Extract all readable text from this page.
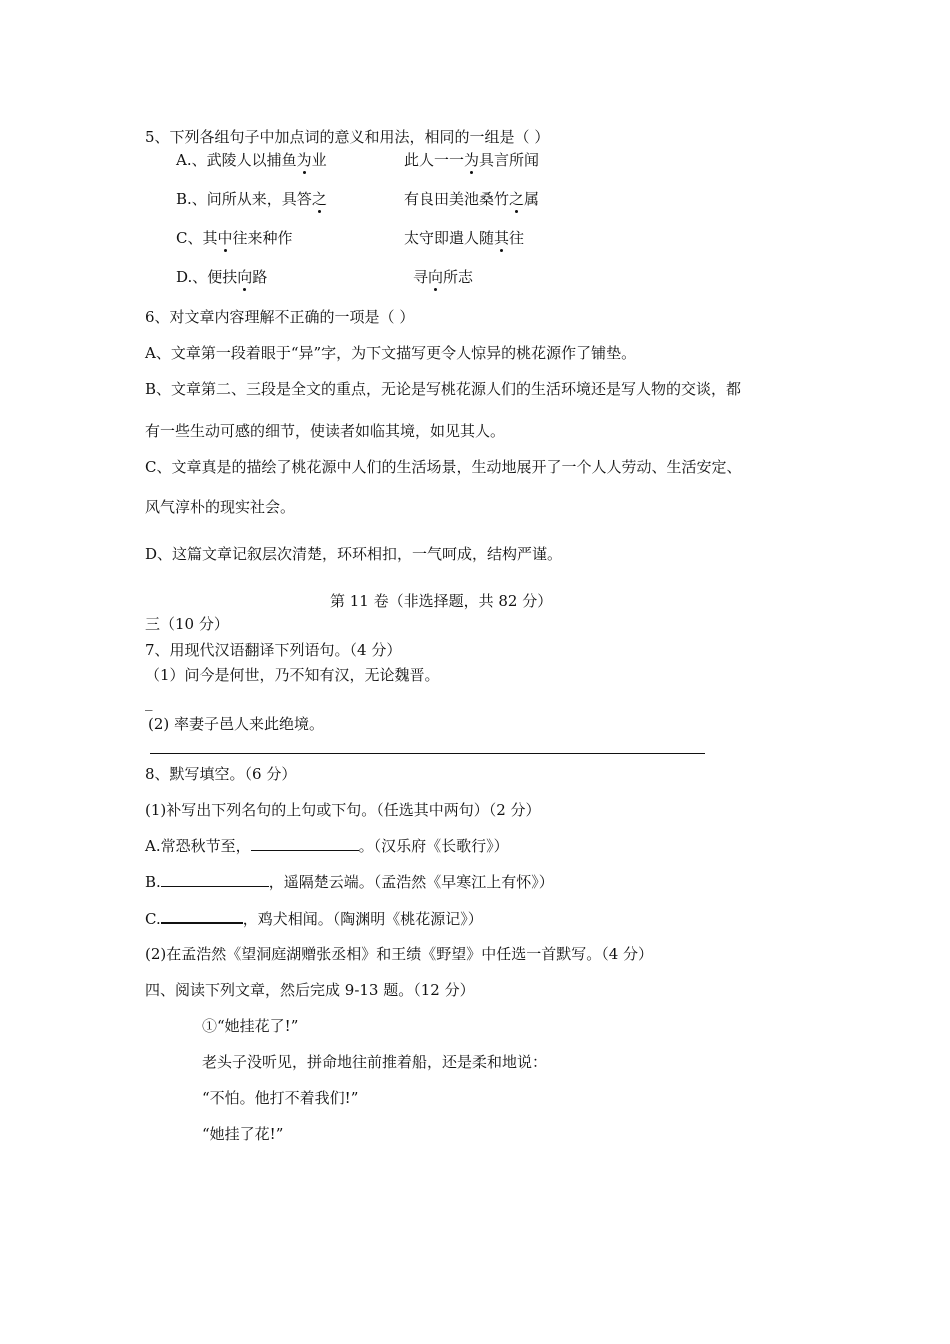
5、下列各组句子中加点词的意义和用法，相同的一组是（ ）
A.、武陵人以捕鱼为业	此人一一为具言所闻
B.、问所从来，具答之	有良田美池桑竹之属
C、其中往来种作	太守即遣人随其往
D.、便扶向路	寻向所志
6、对文章内容理解不正确的一项是（ ）
A、文章第一段着眼于“异”字，为下文描写更令人惊异的桃花源作了铺垫。
B、文章第二、三段是全文的重点，无论是写桃花源人们的生活环境还是写人物的交谈，都
有一些生动可感的细节，使读者如临其境，如见其人。
C、文章真是的描绘了桃花源中人们的生活场景，生动地展开了一个人人劳动、生活安定、
风气淳朴的现实社会。
D、这篇文章记叙层次清楚，环环相扣，一气呵成，结构严谨。
第 11 卷（非选择题，共 82 分）
三（10 分）
7、用现代汉语翻译下列语句。（4 分）
（1）问今是何世，乃不知有汉，无论魏晋。
_
(2) 率妻子邑人来此绝境。
8、默写填空。（6 分）
(1)补写出下列名句的上句或下句。（任选其中两句）（2 分）
A.常恐秋节至，	。（汉乐府《长歌行》）
B.	，遥隔楚云端。（孟浩然《早寒江上有怀》）
C.	，鸡犬相闻。（陶渊明《桃花源记》）
(2)在孟浩然《望洞庭湖赠张丞相》和王绩《野望》中任选一首默写。（4 分）
四、阅读下列文章，然后完成 9-13 题。（12 分）
①“她挂花了!”
老头子没听见，拼命地往前推着船，还是柔和地说：
“不怕。他打不着我们!”
“她挂了花!”
